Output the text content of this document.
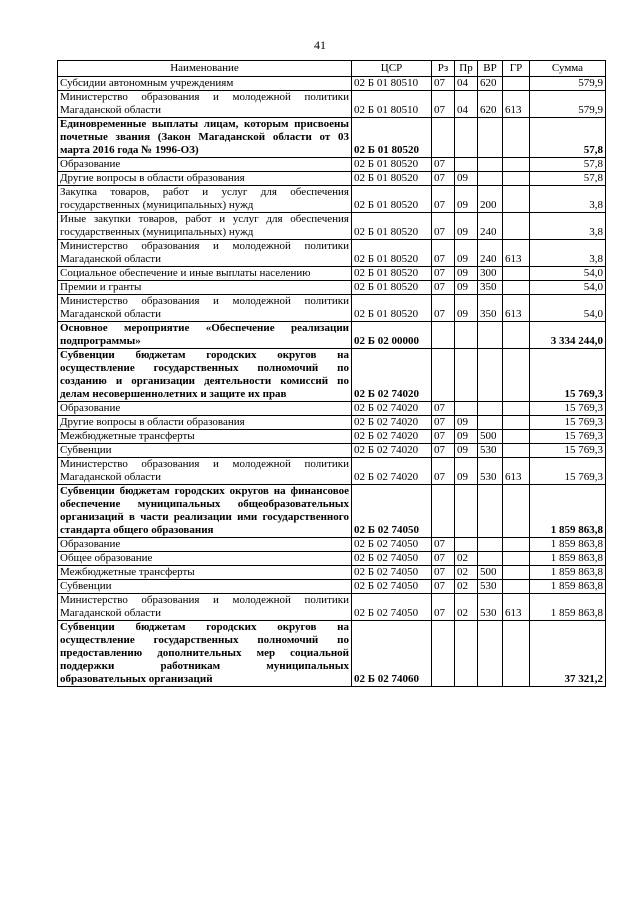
41
Наименование	ЦСР	Рз	Пр	ВР	ГР	Сумма
Субсидии автономным учреждениям	02 Б 01 80510	07	04	620		579,9
Министерство образования и молодежной политики Магаданской области	02 Б 01 80510	07	04	620	613	579,9
Единовременные выплаты лицам, которым присвоены почетные звания (Закон Магаданской области от 03 марта 2016 года № 1996-ОЗ)	02 Б 01 80520					57,8
Образование	02 Б 01 80520	07				57,8
Другие вопросы в области образования	02 Б 01 80520	07	09			57,8
Закупка товаров, работ и услуг для обеспечения государственных (муниципальных) нужд	02 Б 01 80520	07	09	200		3,8
Иные закупки товаров, работ и услуг для обеспечения государственных (муниципальных) нужд	02 Б 01 80520	07	09	240		3,8
Министерство образования и молодежной политики Магаданской области	02 Б 01 80520	07	09	240	613	3,8
Социальное обеспечение и иные выплаты населению	02 Б 01 80520	07	09	300		54,0
Премии и гранты	02 Б 01 80520	07	09	350		54,0
Министерство образования и молодежной политики Магаданской области	02 Б 01 80520	07	09	350	613	54,0
Основное мероприятие «Обеспечение реализации подпрограммы»	02 Б 02 00000					3 334 244,0
Субвенции бюджетам городских округов на осуществление государственных полномочий по созданию и организации деятельности комиссий по делам несовершеннолетних и защите их прав	02 Б 02 74020					15 769,3
Образование	02 Б 02 74020	07				15 769,3
Другие вопросы в области образования	02 Б 02 74020	07	09			15 769,3
Межбюджетные трансферты	02 Б 02 74020	07	09	500		15 769,3
Субвенции	02 Б 02 74020	07	09	530		15 769,3
Министерство образования и молодежной политики Магаданской области	02 Б 02 74020	07	09	530	613	15 769,3
Субвенции бюджетам городских округов на финансовое обеспечение муниципальных общеобразовательных организаций в части реализации ими государственного стандарта общего образования	02 Б 02 74050					1 859 863,8
Образование	02 Б 02 74050	07				1 859 863,8
Общее образование	02 Б 02 74050	07	02			1 859 863,8
Межбюджетные трансферты	02 Б 02 74050	07	02	500		1 859 863,8
Субвенции	02 Б 02 74050	07	02	530		1 859 863,8
Министерство образования и молодежной политики Магаданской области	02 Б 02 74050	07	02	530	613	1 859 863,8
Субвенции бюджетам городских округов на осуществление государственных полномочий по предоставлению дополнительных мер социальной поддержки работникам муниципальных образовательных организаций	02 Б 02 74060					37 321,2
